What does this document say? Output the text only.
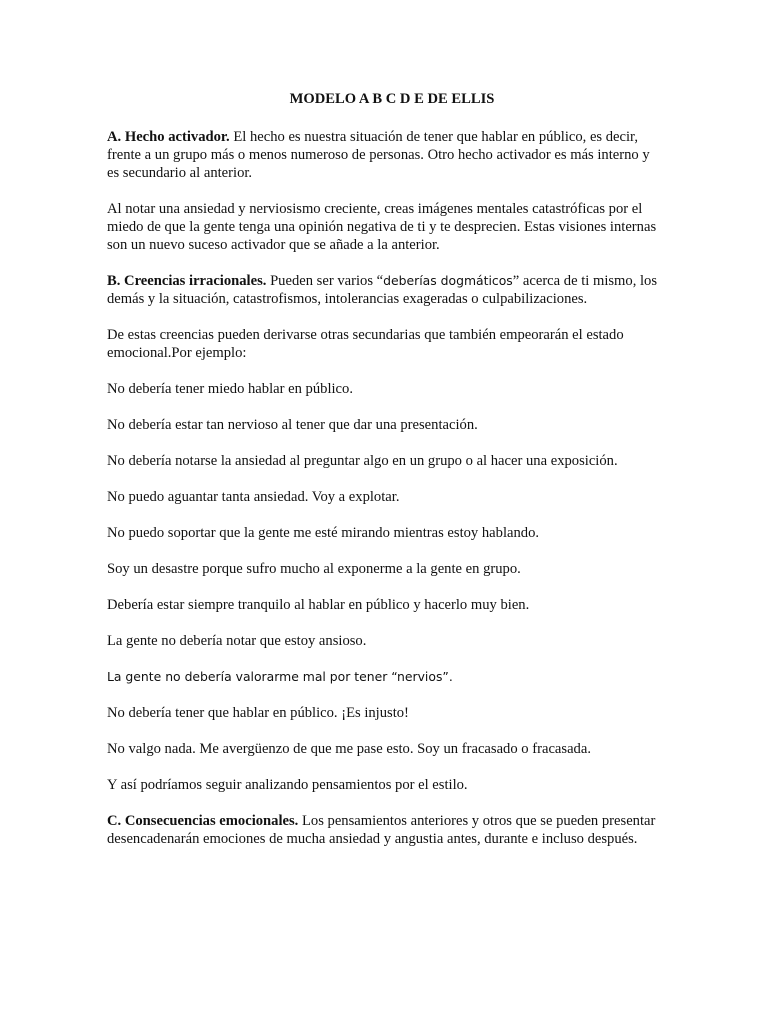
MODELO A B C D E DE ELLIS

A. Hecho activador. El hecho es nuestra situación de tener que hablar en público, es decir, frente a un grupo más o menos numeroso de personas. Otro hecho activador es más interno y es secundario al anterior.

Al notar una ansiedad y nerviosismo creciente, creas imágenes mentales catastróficas por el miedo de que la gente tenga una opinión negativa de ti y te desprecien. Estas visiones internas son un nuevo suceso activador que se añade a la anterior.

B. Creencias irracionales. Pueden ser varios “deberías dogmáticos” acerca de ti mismo, los demás y la situación, catastrofismos, intolerancias exageradas o culpabilizaciones.

De estas creencias pueden derivarse otras secundarias que también empeorarán el estado emocional.Por ejemplo:

No debería tener miedo hablar en público.

No debería estar tan nervioso al tener que dar una presentación.

No debería notarse la ansiedad al preguntar algo en un grupo o al hacer una exposición.

No puedo aguantar tanta ansiedad. Voy a explotar.

No puedo soportar que la gente me esté mirando mientras estoy hablando.

Soy un desastre porque sufro mucho al exponerme a la gente en grupo.

Debería estar siempre tranquilo al hablar en público y hacerlo muy bien.

La gente no debería notar que estoy ansioso.

La gente no debería valorarme mal por tener “nervios”.

No debería tener que hablar en público. ¡Es injusto!

No valgo nada. Me avergüenzo de que me pase esto. Soy un fracasado o fracasada.

Y así podríamos seguir analizando pensamientos por el estilo.

C. Consecuencias emocionales. Los pensamientos anteriores y otros que se pueden presentar desencadenarán emociones de mucha ansiedad y angustia antes, durante e incluso después.
